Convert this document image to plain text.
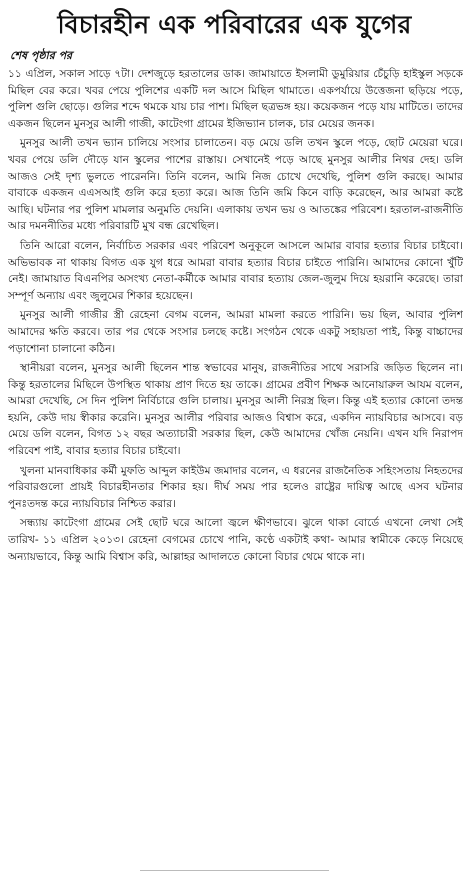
বিচারহীন এক পরিবারের এক যুগের
শেষ পৃষ্ঠার পর

১১ এপ্রিল, সকাল সাড়ে ৭টা। দেশজুড়ে হরতালের ডাক। জামায়াতে ইসলামী ডুমুরিয়ার চেঁচুড়ি হাইস্কুল সড়কে মিছিল বের করে। খবর পেয়ে পুলিশের একটি দল আসে মিছিল থামাতে। একপর্যায়ে উত্তেজনা ছড়িয়ে পড়ে, পুলিশ গুলি ছোড়ে। গুলির শব্দে থমকে যায় চার পাশ। মিছিল ছত্রভঙ্গ হয়। কয়েকজন পড়ে যায় মাটিতে। তাদের একজন ছিলেন মুনসুর আলী গাজী, কাটেংগা গ্রামের ইজিভ্যান চালক, চার মেয়ের জনক।

মুনসুর আলী তখন ভ্যান চালিয়ে সংসার চালাতেন। বড় মেয়ে ডলি তখন স্কুলে পড়ে, ছোট মেয়েরা ঘরে। খবর পেয়ে ডলি দৌড়ে যান স্কুলের পাশের রাস্তায়। সেখানেই পড়ে আছে মুনসুর আলীর নিথর দেহ। ডলি আজও সেই দৃশ্য ভুলতে পারেননি। তিনি বলেন, আমি নিজ চোখে দেখেছি, পুলিশ গুলি করছে। আমার বাবাকে একজন এএসআই গুলি করে হত্যা করে। আজ তিনি জমি কিনে বাড়ি করেছেন, আর আমরা কষ্টে আছি। ঘটনার পর পুলিশ মামলার অনুমতি দেয়নি। এলাকায় তখন ভয় ও আতঙ্কের পরিবেশ। হরতাল-রাজনীতি আর দমননীতির মধ্যে পরিবারটি মুখ বন্ধ রেখেছিল।

তিনি আরো বলেন, নির্বাচিত সরকার এবং পরিবেশ অনুকূলে আসলে আমার বাবার হত্যার বিচার চাইবো। অভিভাবক না থাকায় বিগত এক যুগ ধরে আমরা বাবার হত্যার বিচার চাইতে পারিনি। আমাদের কোনো খুঁটি নেই। জামায়াত বিএনপির অসংখ্য নেতা-কর্মীকে আমার বাবার হত্যায় জেল-জুলুম দিয়ে হয়রানি করেছে। তারা সম্পূর্ণ অন্যায় এবং জুলুমের শিকার হয়েছেন।

মুনসুর আলী গাজীর স্ত্রী রেহেনা বেগম বলেন, আমরা মামলা করতে পারিনি। ভয় ছিল, আবার পুলিশ আমাদের ক্ষতি করবে। তার পর থেকে সংসার চলছে কষ্টে। সংগঠন থেকে একটু সহায়তা পাই, কিন্তু বাচ্চাদের পড়াশোনা চালানো কঠিন।

স্থানীয়রা বলেন, মুনসুর আলী ছিলেন শান্ত স্বভাবের মানুষ, রাজনীতির সাথে সরাসরি জড়িত ছিলেন না। কিন্তু হরতালের মিছিলে উপস্থিত থাকায় প্রাণ দিতে হয় তাকে। গ্রামের প্রবীণ শিক্ষক আনোয়ারুল আযম বলেন, আমরা দেখেছি, সে দিন পুলিশ নির্বিচারে গুলি চালায়। মুনসুর আলী নিরস্ত্র ছিল। কিন্তু এই হত্যার কোনো তদন্ত হয়নি, কেউ দায় স্বীকার করেনি। মুনসুর আলীর পরিবার আজও বিশ্বাস করে, একদিন ন্যায়বিচার আসবে। বড় মেয়ে ডলি বলেন, বিগত ১২ বছর অত্যাচারী সরকার ছিল, কেউ আমাদের খোঁজ নেয়নি। এখন যদি নিরাপদ পরিবেশ পাই, বাবার হত্যার বিচার চাইবো।

খুলনা মানবাধিকার কর্মী মুফতি আব্দুল কাইউম জমাদার বলেন, এ ধরনের রাজনৈতিক সহিংসতায় নিহতদের পরিবারগুলো প্রায়ই বিচারহীনতার শিকার হয়। দীর্ঘ সময় পার হলেও রাষ্ট্রের দায়িত্ব আছে এসব ঘটনার পুনঃতদন্ত করে ন্যায়বিচার নিশ্চিত করার।

সন্ধ্যায় কাটেংগা গ্রামের সেই ছোট ঘরে আলো জ্বলে ক্ষীণভাবে। ঝুলে থাকা বোর্ডে এখনো লেখা সেই তারিখ- ১১ এপ্রিল ২০১৩। রেহেনা বেগমের চোখে পানি, কণ্ঠে একটাই কথা- আমার স্বামীকে কেড়ে নিয়েছে অন্যায়ভাবে, কিন্তু আমি বিশ্বাস করি, আল্লাহর আদালতে কোনো বিচার থেমে থাকে না।
